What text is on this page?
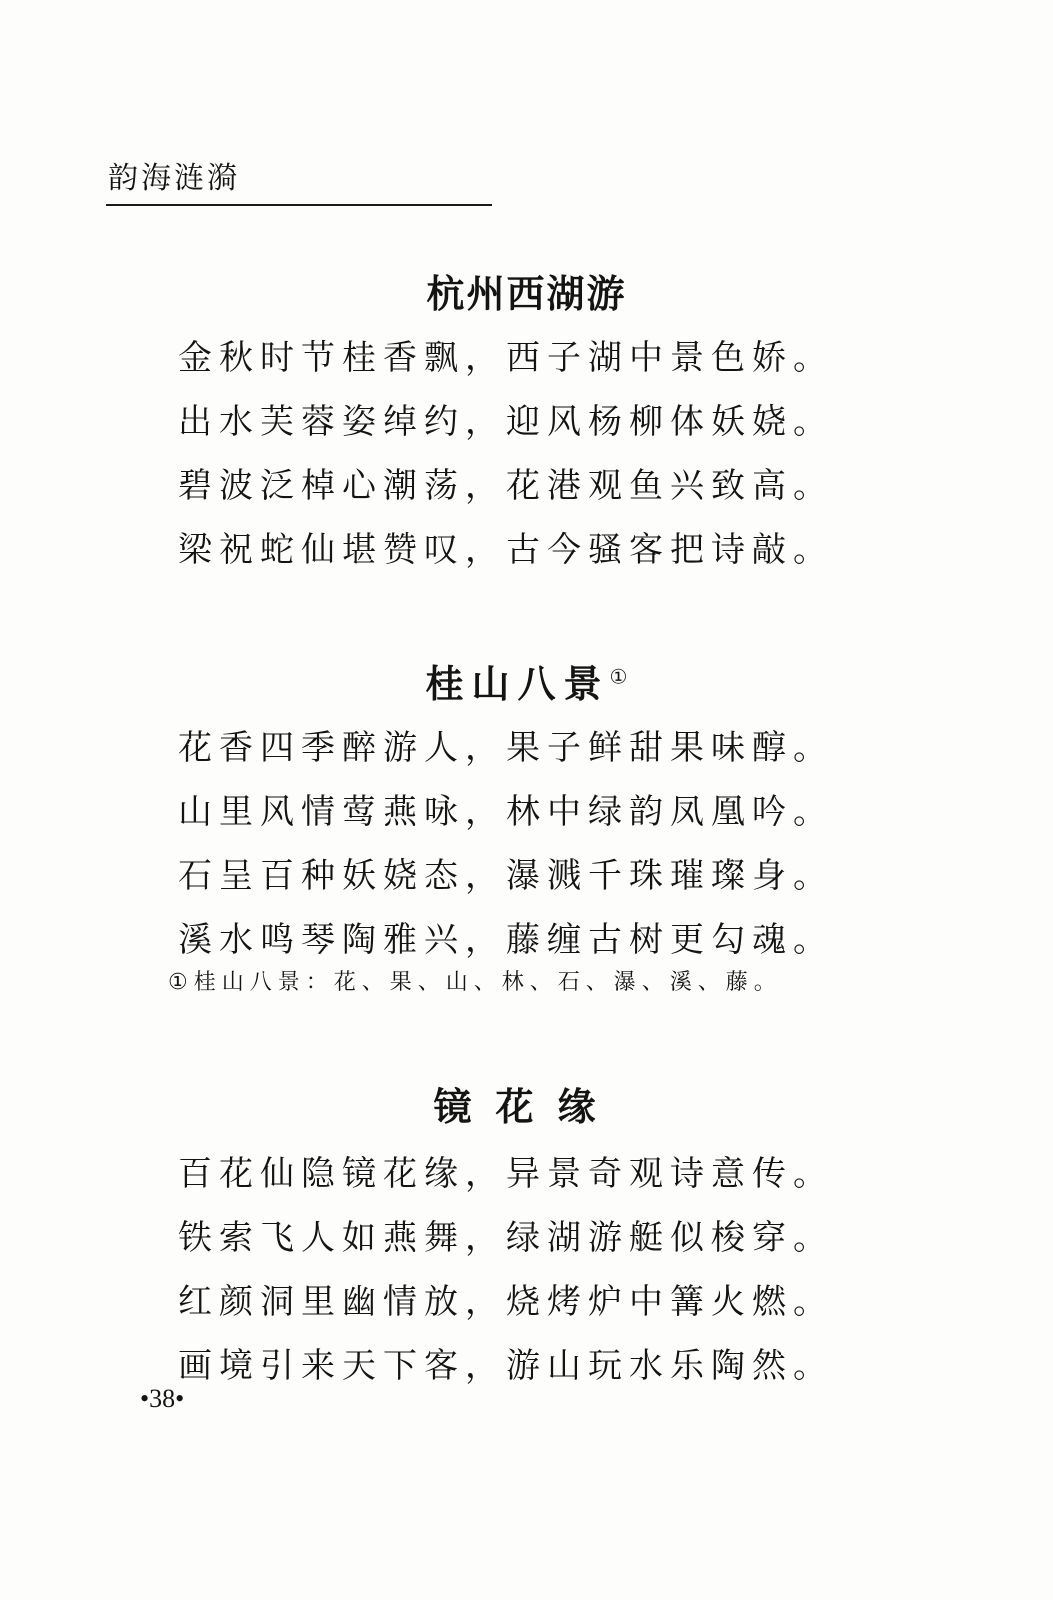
韵海涟漪
杭州西湖游
金秋时节桂香飘，西子湖中景色娇。
出水芙蓉姿绰约，迎风杨柳体妖娆。
碧波泛棹心潮荡，花港观鱼兴致高。
梁祝蛇仙堪赞叹，古今骚客把诗敲。
桂山八景①
花香四季醉游人，果子鲜甜果味醇。
山里风情莺燕咏，林中绿韵凤凰吟。
石呈百种妖娆态，瀑溅千珠璀璨身。
溪水鸣琴陶雅兴，藤缠古树更勾魂。
①桂山八景：花、果、山、林、石、瀑、溪、藤。
镜花缘
百花仙隐镜花缘，异景奇观诗意传。
铁索飞人如燕舞，绿湖游艇似梭穿。
红颜洞里幽情放，烧烤炉中篝火燃。
画境引来天下客，游山玩水乐陶然。
•38•
